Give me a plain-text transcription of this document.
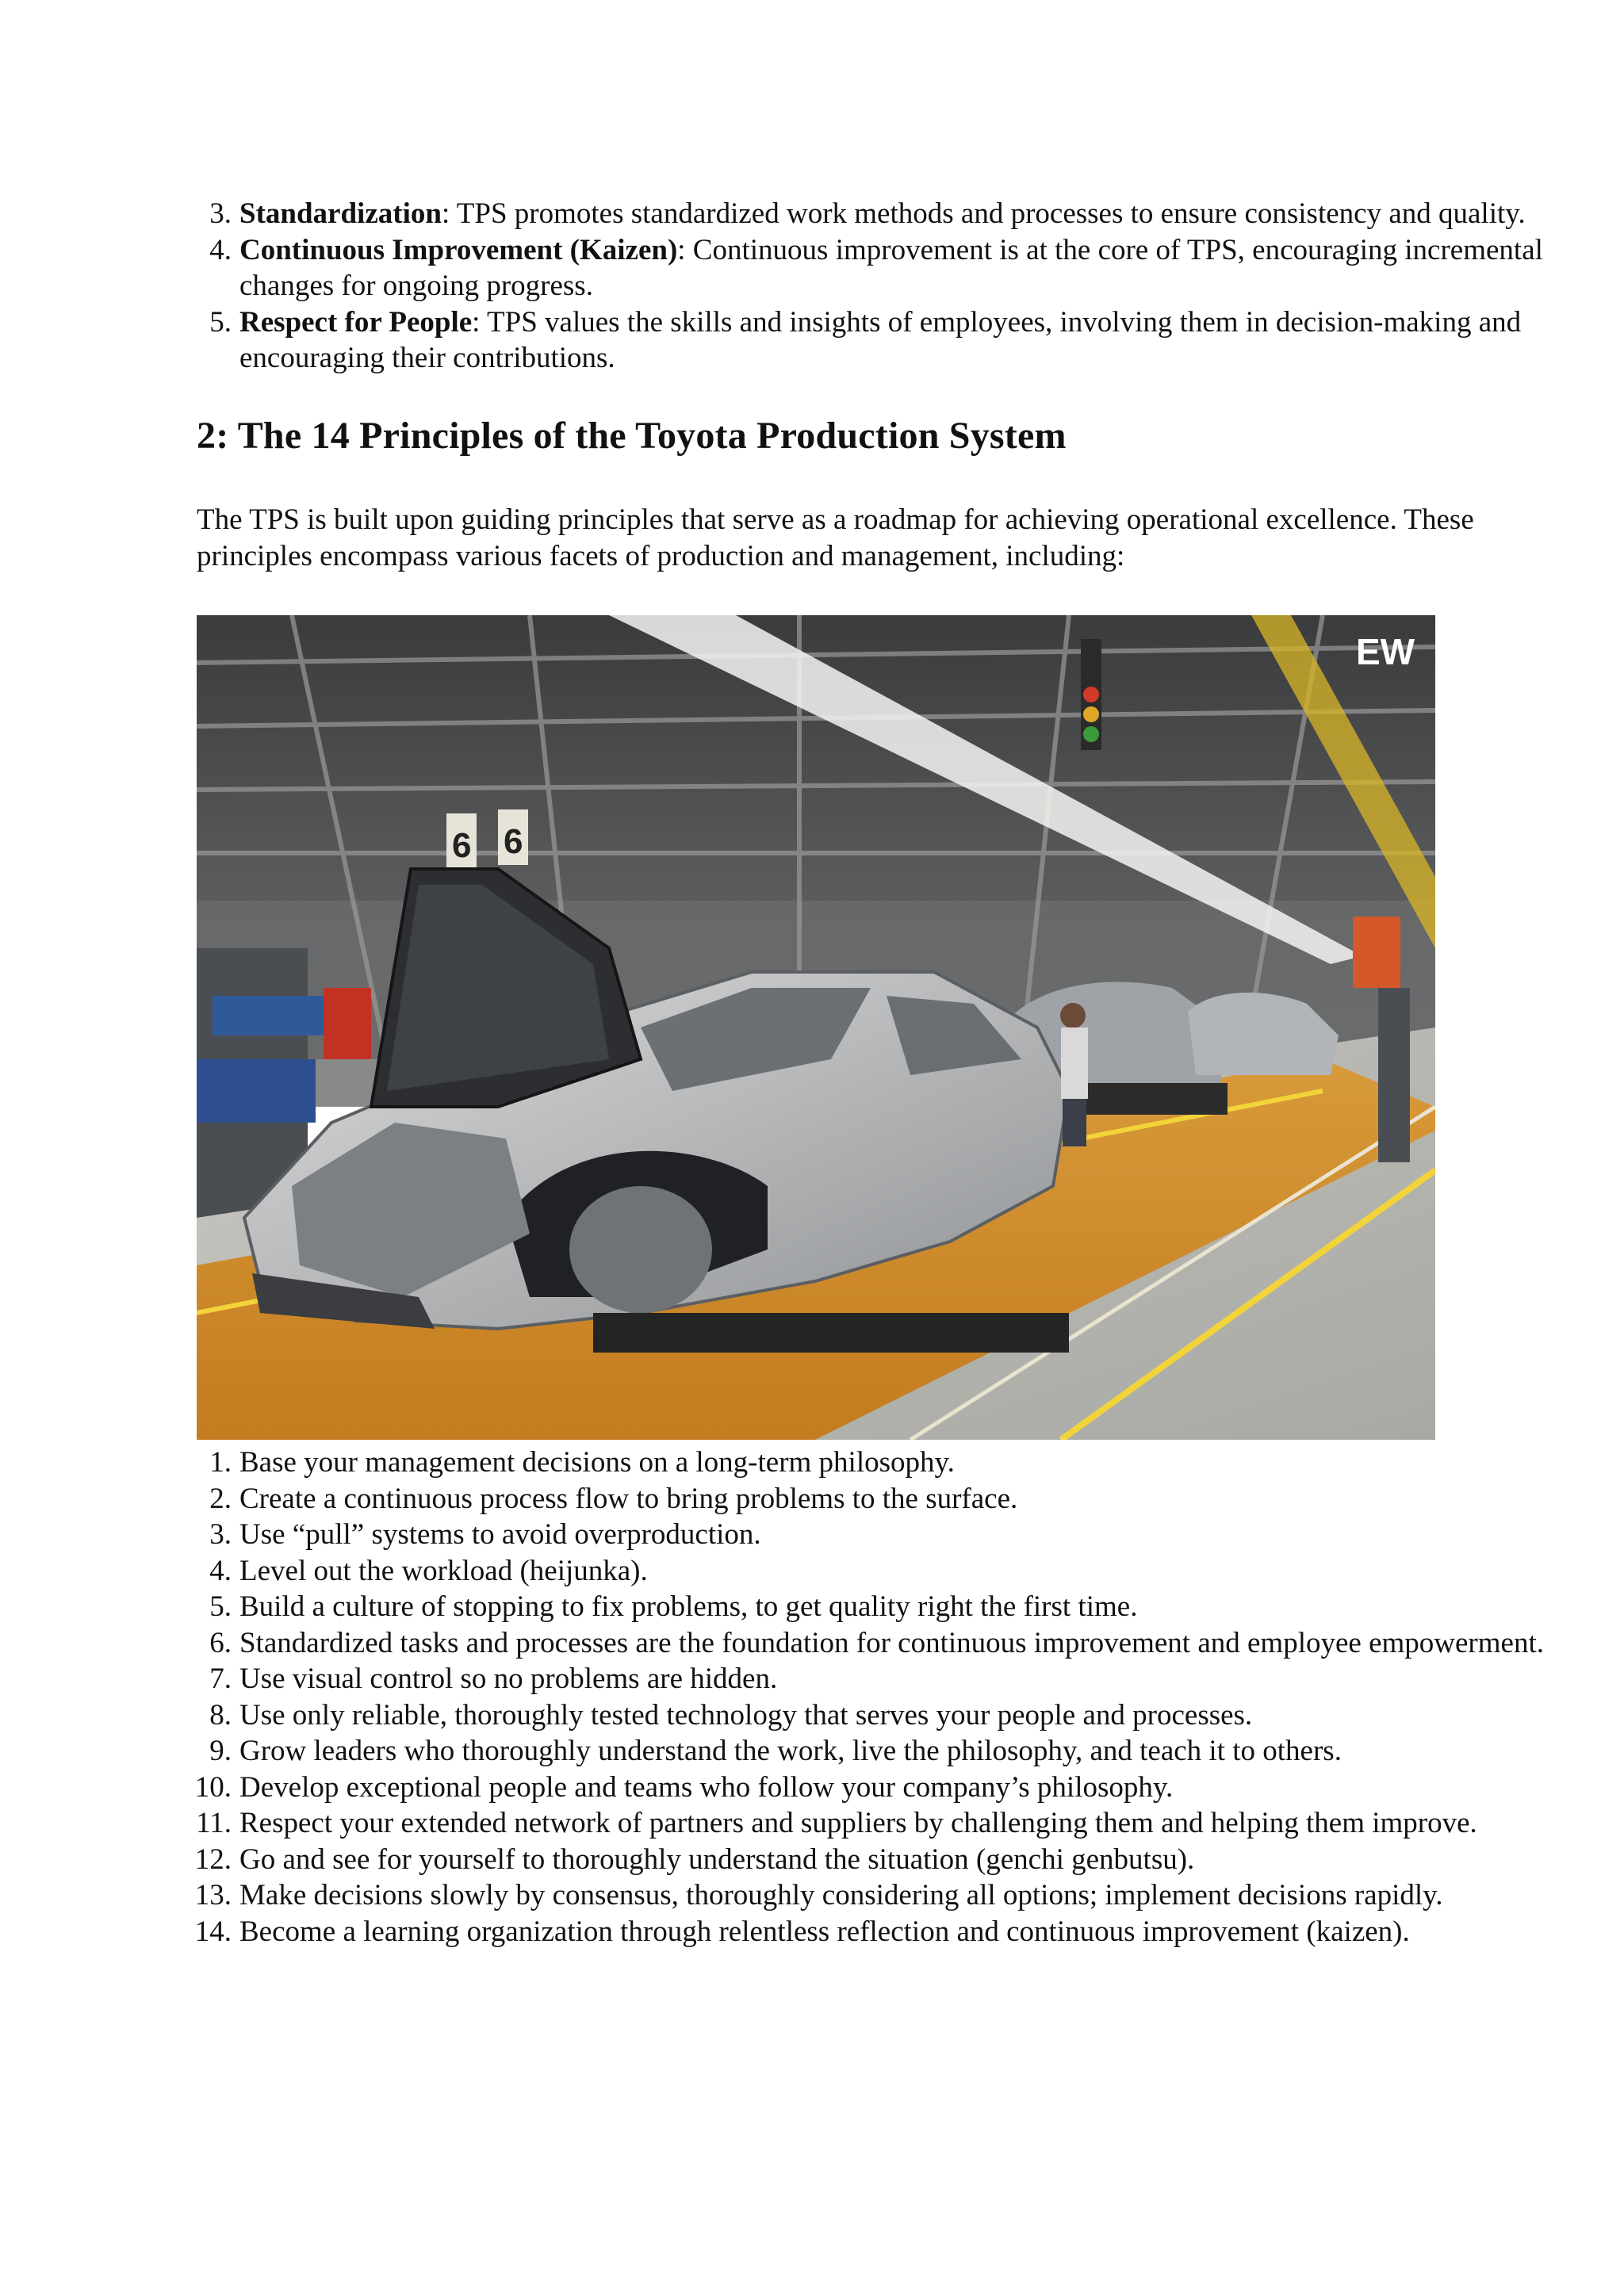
3. Standardization: TPS promotes standardized work methods and processes to ensure consistency and quality.
4. Continuous Improvement (Kaizen): Continuous improvement is at the core of TPS, encouraging incremental changes for ongoing progress.
5. Respect for People: TPS values the skills and insights of employees, involving them in decision-making and encouraging their contributions.
2: The 14 Principles of the Toyota Production System

The TPS is built upon guiding principles that serve as a roadmap for achieving operational excellence. These principles encompass various facets of production and management, including:

EW
6 6
1. Base your management decisions on a long-term philosophy.
2. Create a continuous process flow to bring problems to the surface.
3. Use “pull” systems to avoid overproduction.
4. Level out the workload (heijunka).
5. Build a culture of stopping to fix problems, to get quality right the first time.
6. Standardized tasks and processes are the foundation for continuous improvement and employee empowerment.
7. Use visual control so no problems are hidden.
8. Use only reliable, thoroughly tested technology that serves your people and processes.
9. Grow leaders who thoroughly understand the work, live the philosophy, and teach it to others.
10. Develop exceptional people and teams who follow your company’s philosophy.
11. Respect your extended network of partners and suppliers by challenging them and helping them improve.
12. Go and see for yourself to thoroughly understand the situation (genchi genbutsu).
13. Make decisions slowly by consensus, thoroughly considering all options; implement decisions rapidly.
14. Become a learning organization through relentless reflection and continuous improvement (kaizen).
